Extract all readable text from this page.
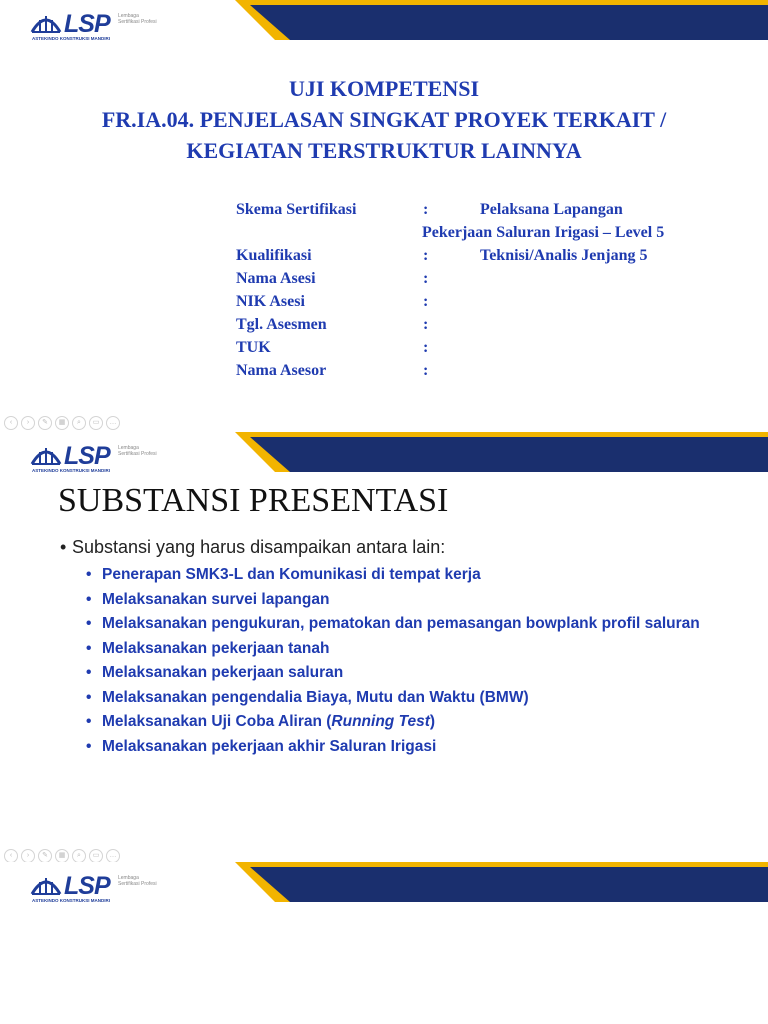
LSP Lembaga Sertifikasi Profesi
ASTEKINDO KONSTRUKSI MANDIRI
UJI KOMPETENSI
FR.IA.04. PENJELASAN SINGKAT PROYEK TERKAIT /
KEGIATAN TERSTRUKTUR LAINNYA
Skema Sertifikasi	:	Pelaksana Lapangan
Pekerjaan Saluran Irigasi – Level 5
Kualifikasi	:	Teknisi/Analis Jenjang 5
Nama Asesi	:
NIK Asesi	:
Tgl. Asesmen	:
TUK	:
Nama Asesor	:
‹	›	✎	▦	⌕	▭	…
LSP Lembaga Sertifikasi Profesi
ASTEKINDO KONSTRUKSI MANDIRI
SUBSTANSI PRESENTASI
• Substansi yang harus disampaikan antara lain:
• Penerapan SMK3-L dan Komunikasi di tempat kerja
• Melaksanakan survei lapangan
• Melaksanakan pengukuran, pematokan dan pemasangan bowplank profil saluran
• Melaksanakan pekerjaan tanah
• Melaksanakan pekerjaan saluran
• Melaksanakan pengendalia Biaya, Mutu dan Waktu (BMW)
• Melaksanakan Uji Coba Aliran (Running Test)
• Melaksanakan pekerjaan akhir Saluran Irigasi
‹	›	✎	▦	⌕	▭	…
LSP Lembaga Sertifikasi Profesi
ASTEKINDO KONSTRUKSI MANDIRI
